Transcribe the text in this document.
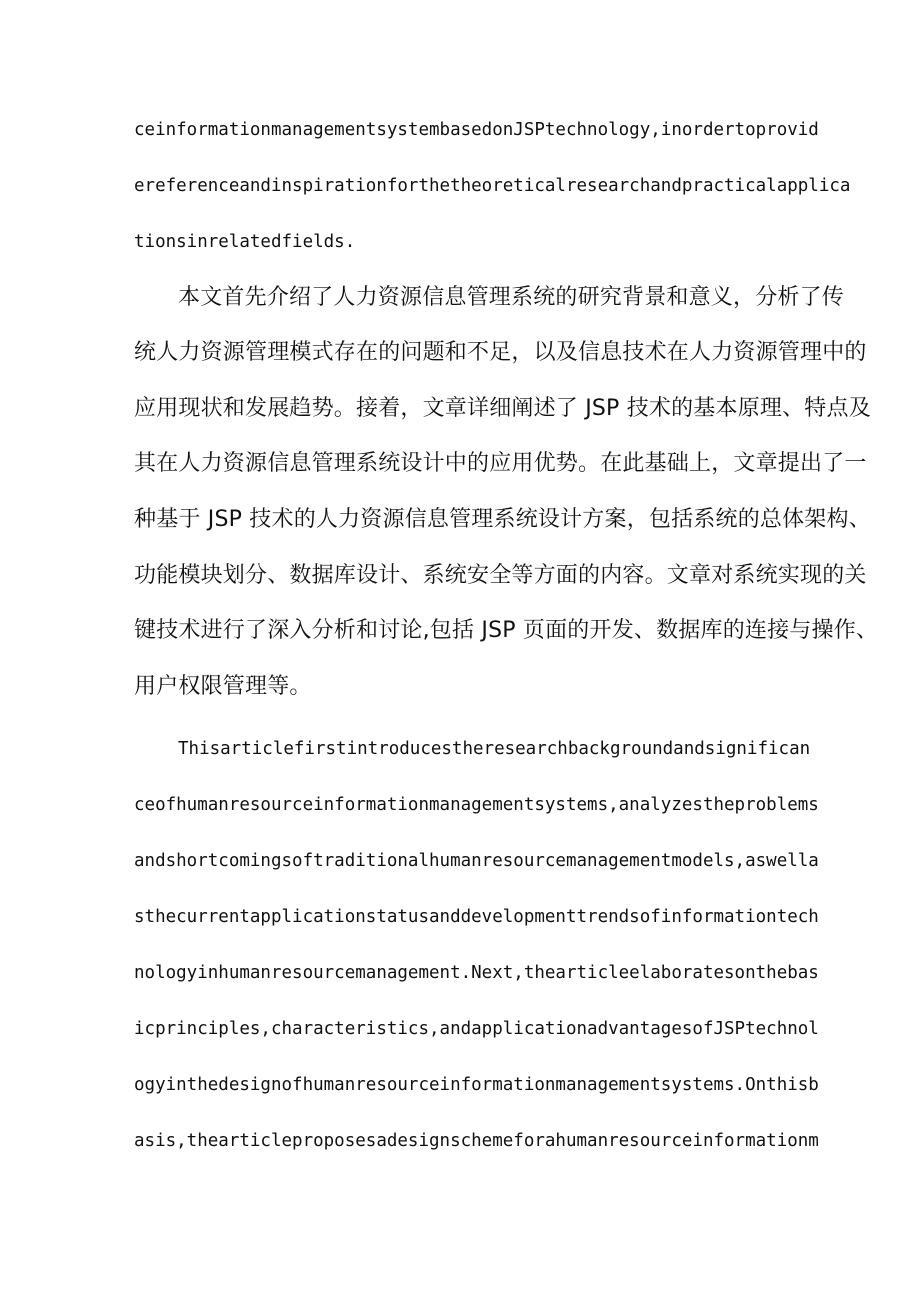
ceinformationmanagementsystembasedonJSPtechnology,inordertoprovid
ereferenceandinspirationforthetheoreticalresearchandpracticalapplica
tionsinrelatedfields.
本文首先介绍了人力资源信息管理系统的研究背景和意义，分析了传
统人力资源管理模式存在的问题和不足，以及信息技术在人力资源管理中的
应用现状和发展趋势。接着，文章详细阐述了 JSP 技术的基本原理、特点及
其在人力资源信息管理系统设计中的应用优势。在此基础上，文章提出了一
种基于 JSP 技术的人力资源信息管理系统设计方案，包括系统的总体架构、
功能模块划分、数据库设计、系统安全等方面的内容。文章对系统实现的关
键技术进行了深入分析和讨论,包括 JSP 页面的开发、数据库的连接与操作、
用户权限管理等。
Thisarticlefirstintroducestheresearchbackgroundandsignifican
ceofhumanresourceinformationmanagementsystems,analyzestheproblems
andshortcomingsoftraditionalhumanresourcemanagementmodels,aswella
sthecurrentapplicationstatusanddevelopmenttrendsofinformationtech
nologyinhumanresourcemanagement.Next,thearticleelaboratesonthebas
icprinciples,characteristics,andapplicationadvantagesofJSPtechnol
ogyinthedesignofhumanresourceinformationmanagementsystems.Onthisb
asis,thearticleproposesadesignschemeforahumanresourceinformationm
